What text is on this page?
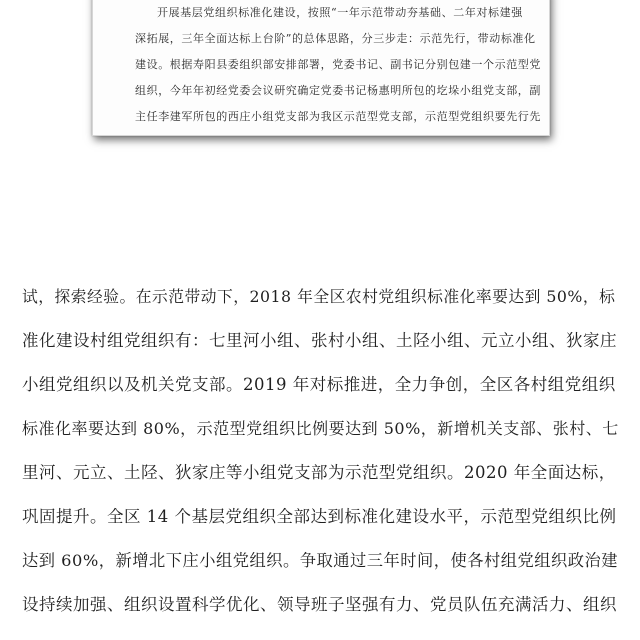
开展基层党组织标准化建设，按照“一年示范带动夯基础、二年对标建强
深拓展，三年全面达标上台阶”的总体思路，分三步走：示范先行，带动标准化
建设。根据寿阳县委组织部安排部署，党委书记、副书记分别包建一个示范型党
组织，今年年初经党委会议研究确定党委书记杨惠明所包的圪垛小组党支部，副
主任李建军所包的西庄小组党支部为我区示范型党支部，示范型党组织要先行先
试，探索经验。在示范带动下，2018 年全区农村党组织标准化率要达到 50%，标
准化建设村组党组织有：七里河小组、张村小组、土陉小组、元立小组、狄家庄
小组党组织以及机关党支部。2019 年对标推进，全力争创，全区各村组党组织
标准化率要达到 80%，示范型党组织比例要达到 50%，新增机关支部、张村、七
里河、元立、土陉、狄家庄等小组党支部为示范型党组织。2020 年全面达标，
巩固提升。全区 14 个基层党组织全部达到标准化建设水平，示范型党组织比例
达到 60%，新增北下庄小组党组织。争取通过三年时间，使各村组党组织政治建
设持续加强、组织设置科学优化、领导班子坚强有力、党员队伍充满活力、组织
